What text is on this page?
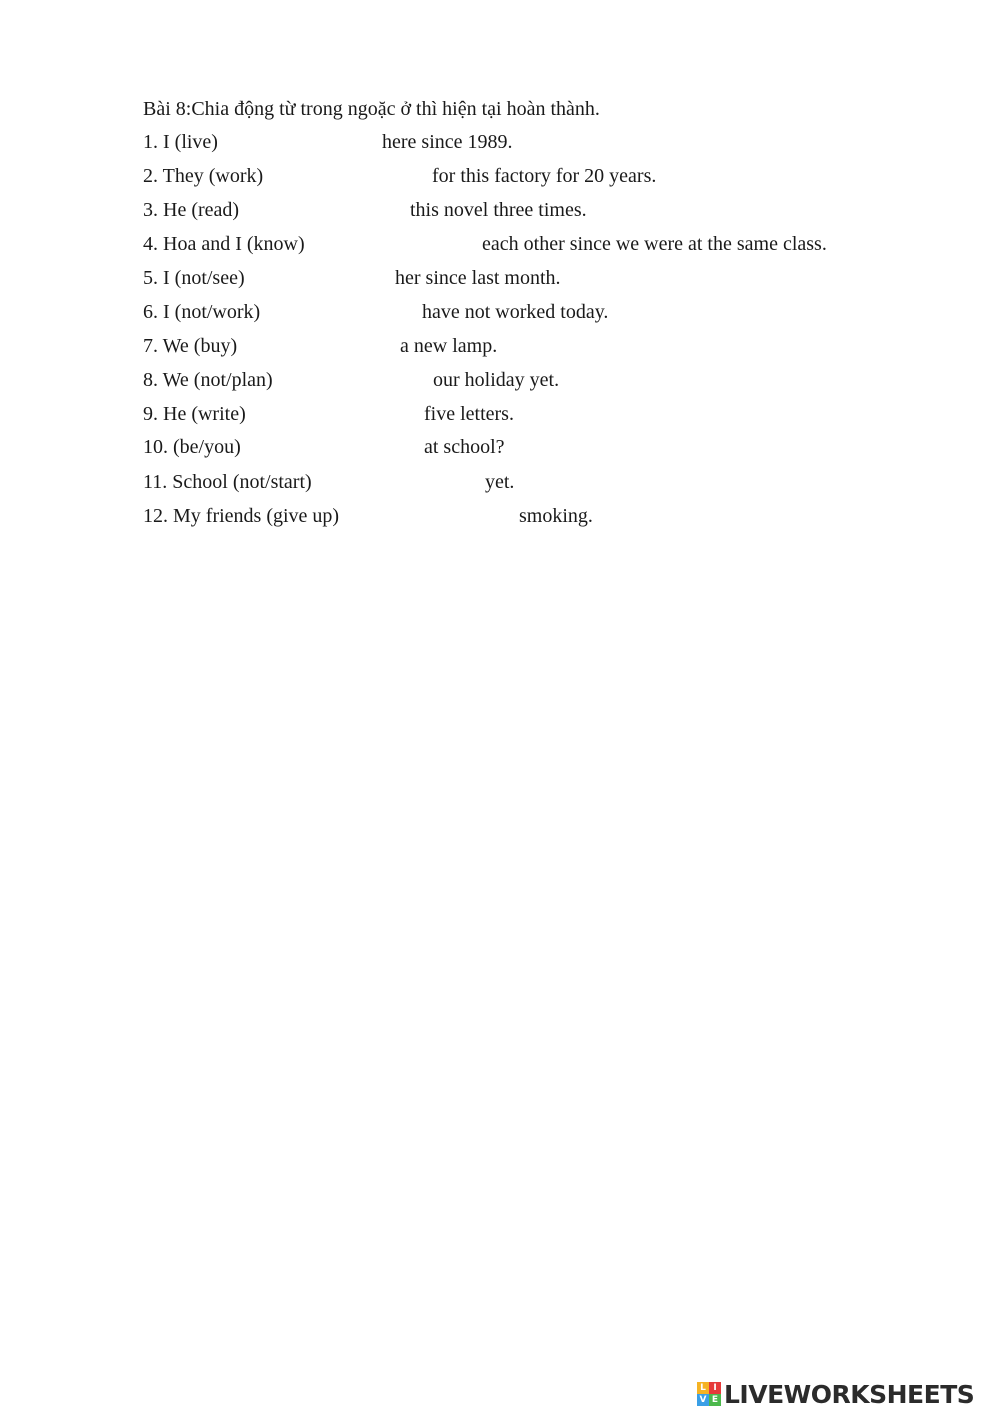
Bài 8:Chia động từ trong ngoặc ở thì hiện tại hoàn thành.
1. I (live)	here since 1989.
2. They (work)	for this factory for 20 years.
3. He (read)	this novel three times.
4. Hoa and I (know)	each other since we were at the same class.
5. I (not/see)	her since last month.
6. I (not/work)	have not worked today.
7. We (buy)	a new lamp.
8. We (not/plan)	our holiday yet.
9. He (write)	five letters.
10. (be/you)	at school?
11. School (not/start)	yet.
12. My friends (give up)	smoking.
L I
V E LIVEWORKSHEETS
